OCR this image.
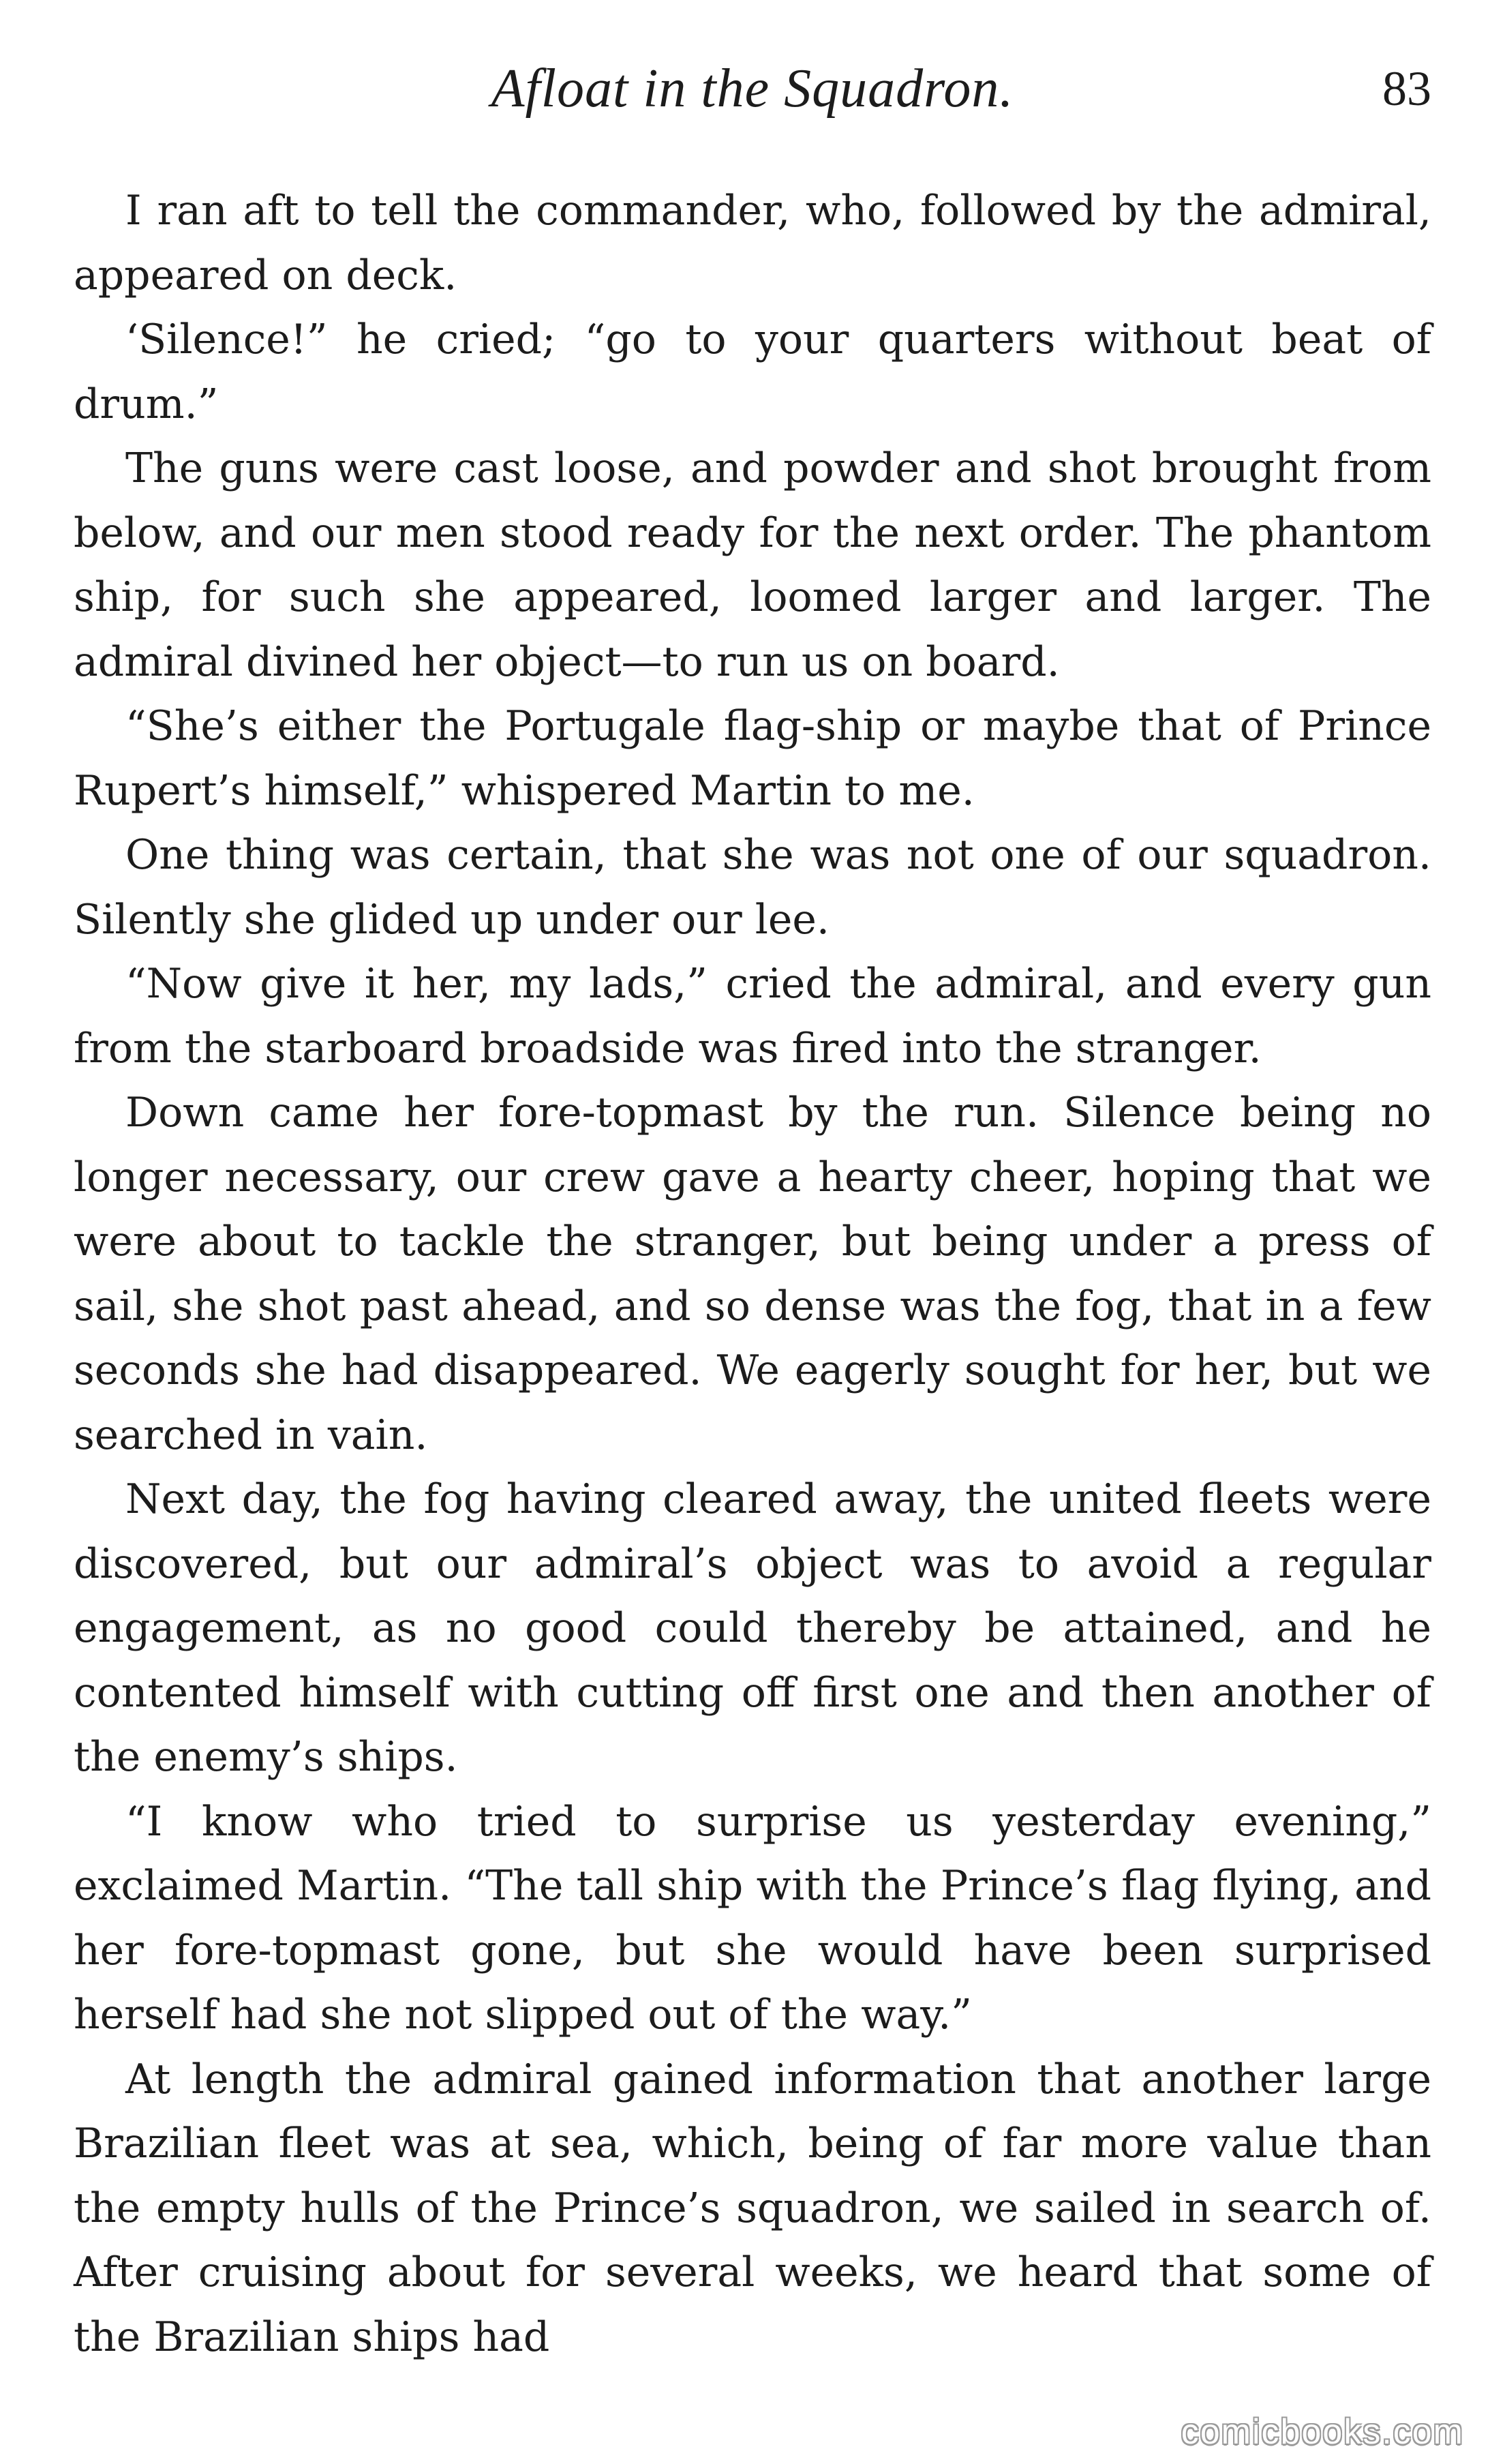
Afloat in the Squadron.	83

I ran aft to tell the commander, who, followed by the admiral, appeared on deck.

‘Silence!” he cried; “go to your quarters without beat of drum.”

The guns were cast loose, and powder and shot brought from below, and our men stood ready for the next order. The phantom ship, for such she appeared, loomed larger and larger. The admiral divined her object—to run us on board.

“She’s either the Portugale flag-ship or maybe that of Prince Rupert’s himself,” whispered Martin to me.

One thing was certain, that she was not one of our squadron. Silently she glided up under our lee.

“Now give it her, my lads,” cried the admiral, and every gun from the starboard broadside was fired into the stranger.

Down came her fore-topmast by the run. Silence being no longer necessary, our crew gave a hearty cheer, hoping that we were about to tackle the stranger, but being under a press of sail, she shot past ahead, and so dense was the fog, that in a few seconds she had disappeared. We eagerly sought for her, but we searched in vain.

Next day, the fog having cleared away, the united fleets were discovered, but our admiral’s object was to avoid a regular engagement, as no good could thereby be attained, and he contented himself with cutting off first one and then another of the enemy’s ships.

“I know who tried to surprise us yesterday evening,” exclaimed Martin. “The tall ship with the Prince’s flag flying, and her fore-topmast gone, but she would have been surprised herself had she not slipped out of the way.”

At length the admiral gained information that another large Brazilian fleet was at sea, which, being of far more value than the empty hulls of the Prince’s squadron, we sailed in search of. After cruising about for several weeks, we heard that some of the Brazilian ships had

comicbooks.com
